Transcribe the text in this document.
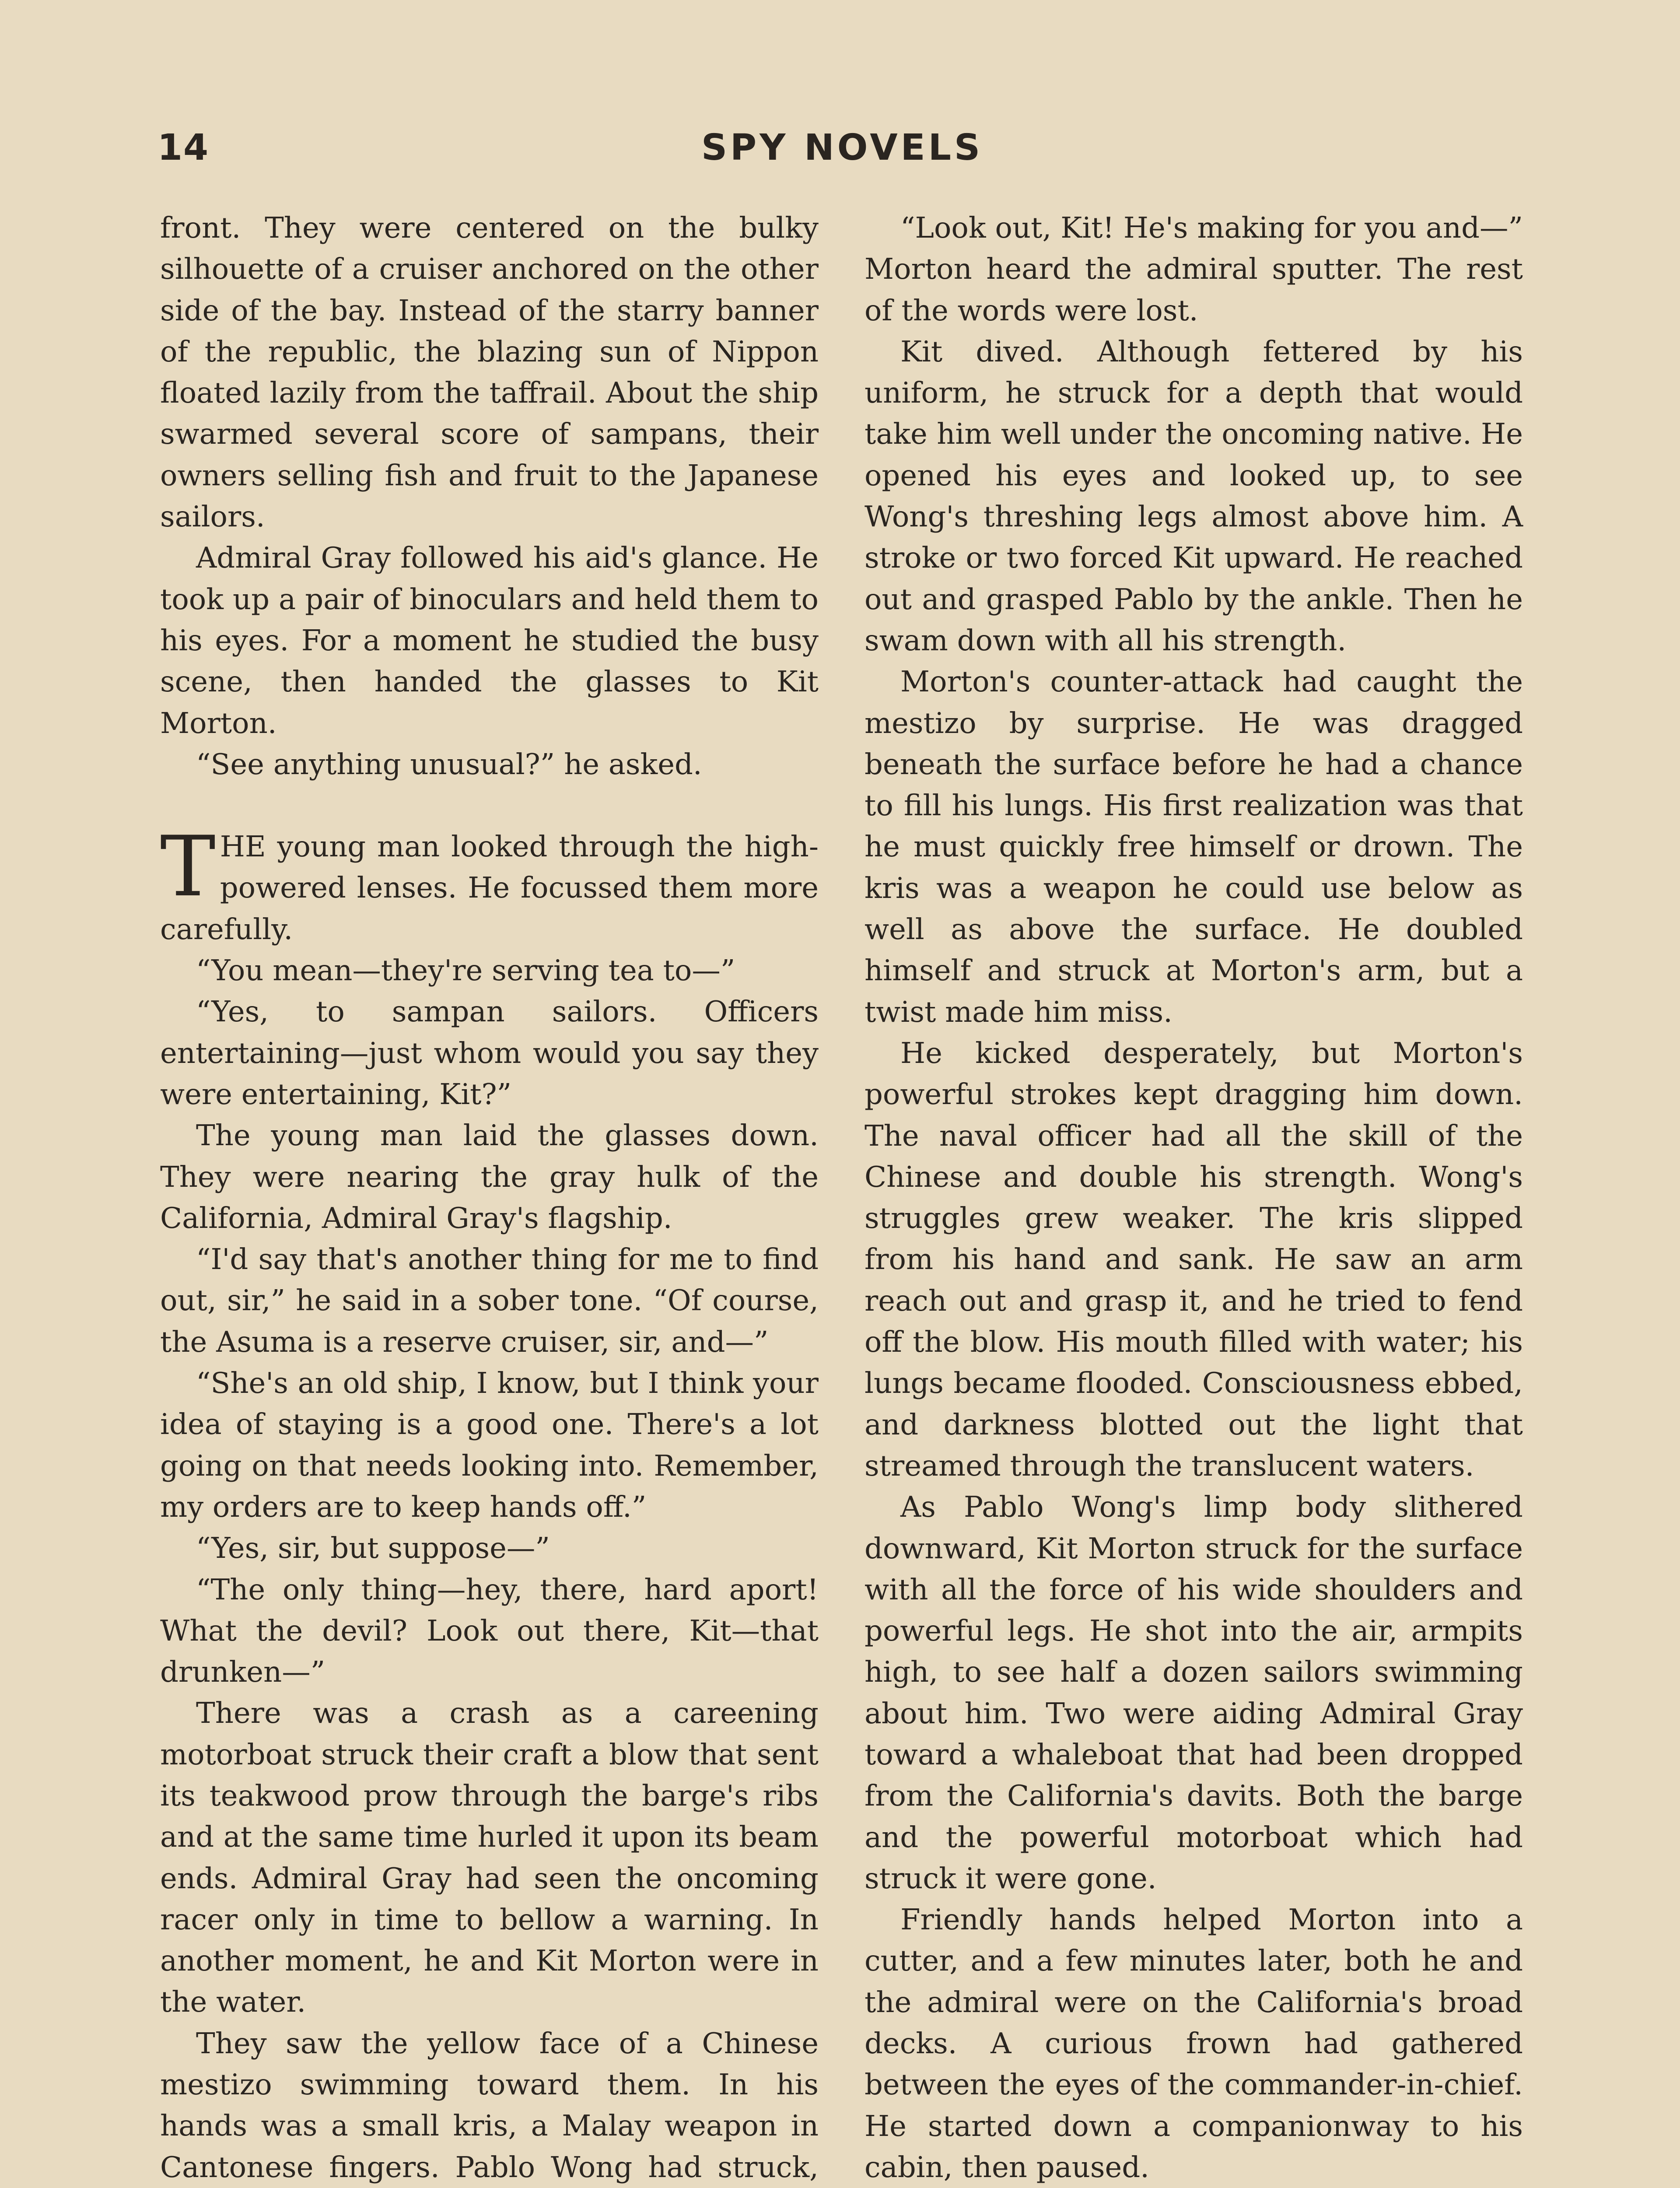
14	SPY NOVELS

front. They were centered on the bulky silhouette of a cruiser anchored on the other side of the bay. Instead of the starry banner of the republic, the blazing sun of Nippon floated lazily from the taffrail. About the ship swarmed several score of sampans, their owners selling fish and fruit to the Japanese sailors.

Admiral Gray followed his aid's glance. He took up a pair of binoculars and held them to his eyes. For a moment he studied the busy scene, then handed the glasses to Kit Morton.

“See anything unusual?” he asked.

THE young man looked through the high-powered lenses. He focussed them more carefully.

“You mean—they're serving tea to—”

“Yes, to sampan sailors. Officers entertaining—just whom would you say they were entertaining, Kit?”

The young man laid the glasses down. They were nearing the gray hulk of the California, Admiral Gray's flagship.

“I'd say that's another thing for me to find out, sir,” he said in a sober tone. “Of course, the Asuma is a reserve cruiser, sir, and—”

“She's an old ship, I know, but I think your idea of staying is a good one. There's a lot going on that needs looking into. Remember, my orders are to keep hands off.”

“Yes, sir, but suppose—”

“The only thing—hey, there, hard aport! What the devil? Look out there, Kit—that drunken—”

There was a crash as a careening motorboat struck their craft a blow that sent its teakwood prow through the barge's ribs and at the same time hurled it upon its beam ends. Admiral Gray had seen the oncoming racer only in time to bellow a warning. In another moment, he and Kit Morton were in the water.

They saw the yellow face of a Chinese mestizo swimming toward them. In his hands was a small kris, a Malay weapon in Cantonese fingers. Pablo Wong had struck,

“Look out, Kit! He's making for you and—” Morton heard the admiral sputter. The rest of the words were lost.

Kit dived. Although fettered by his uniform, he struck for a depth that would take him well under the oncoming native. He opened his eyes and looked up, to see Wong's threshing legs almost above him. A stroke or two forced Kit upward. He reached out and grasped Pablo by the ankle. Then he swam down with all his strength.

Morton's counter-attack had caught the mestizo by surprise. He was dragged beneath the surface before he had a chance to fill his lungs. His first realization was that he must quickly free himself or drown. The kris was a weapon he could use below as well as above the surface. He doubled himself and struck at Morton's arm, but a twist made him miss.

He kicked desperately, but Morton's powerful strokes kept dragging him down. The naval officer had all the skill of the Chinese and double his strength. Wong's struggles grew weaker. The kris slipped from his hand and sank. He saw an arm reach out and grasp it, and he tried to fend off the blow. His mouth filled with water; his lungs became flooded. Consciousness ebbed, and darkness blotted out the light that streamed through the translucent waters.

As Pablo Wong's limp body slithered downward, Kit Morton struck for the surface with all the force of his wide shoulders and powerful legs. He shot into the air, armpits high, to see half a dozen sailors swimming about him. Two were aiding Admiral Gray toward a whaleboat that had been dropped from the California's davits. Both the barge and the powerful motorboat which had struck it were gone.

Friendly hands helped Morton into a cutter, and a few minutes later, both he and the admiral were on the California's broad decks. A curious frown had gathered between the eyes of the commander-in-chief. He started down a companionway to his cabin, then paused.
